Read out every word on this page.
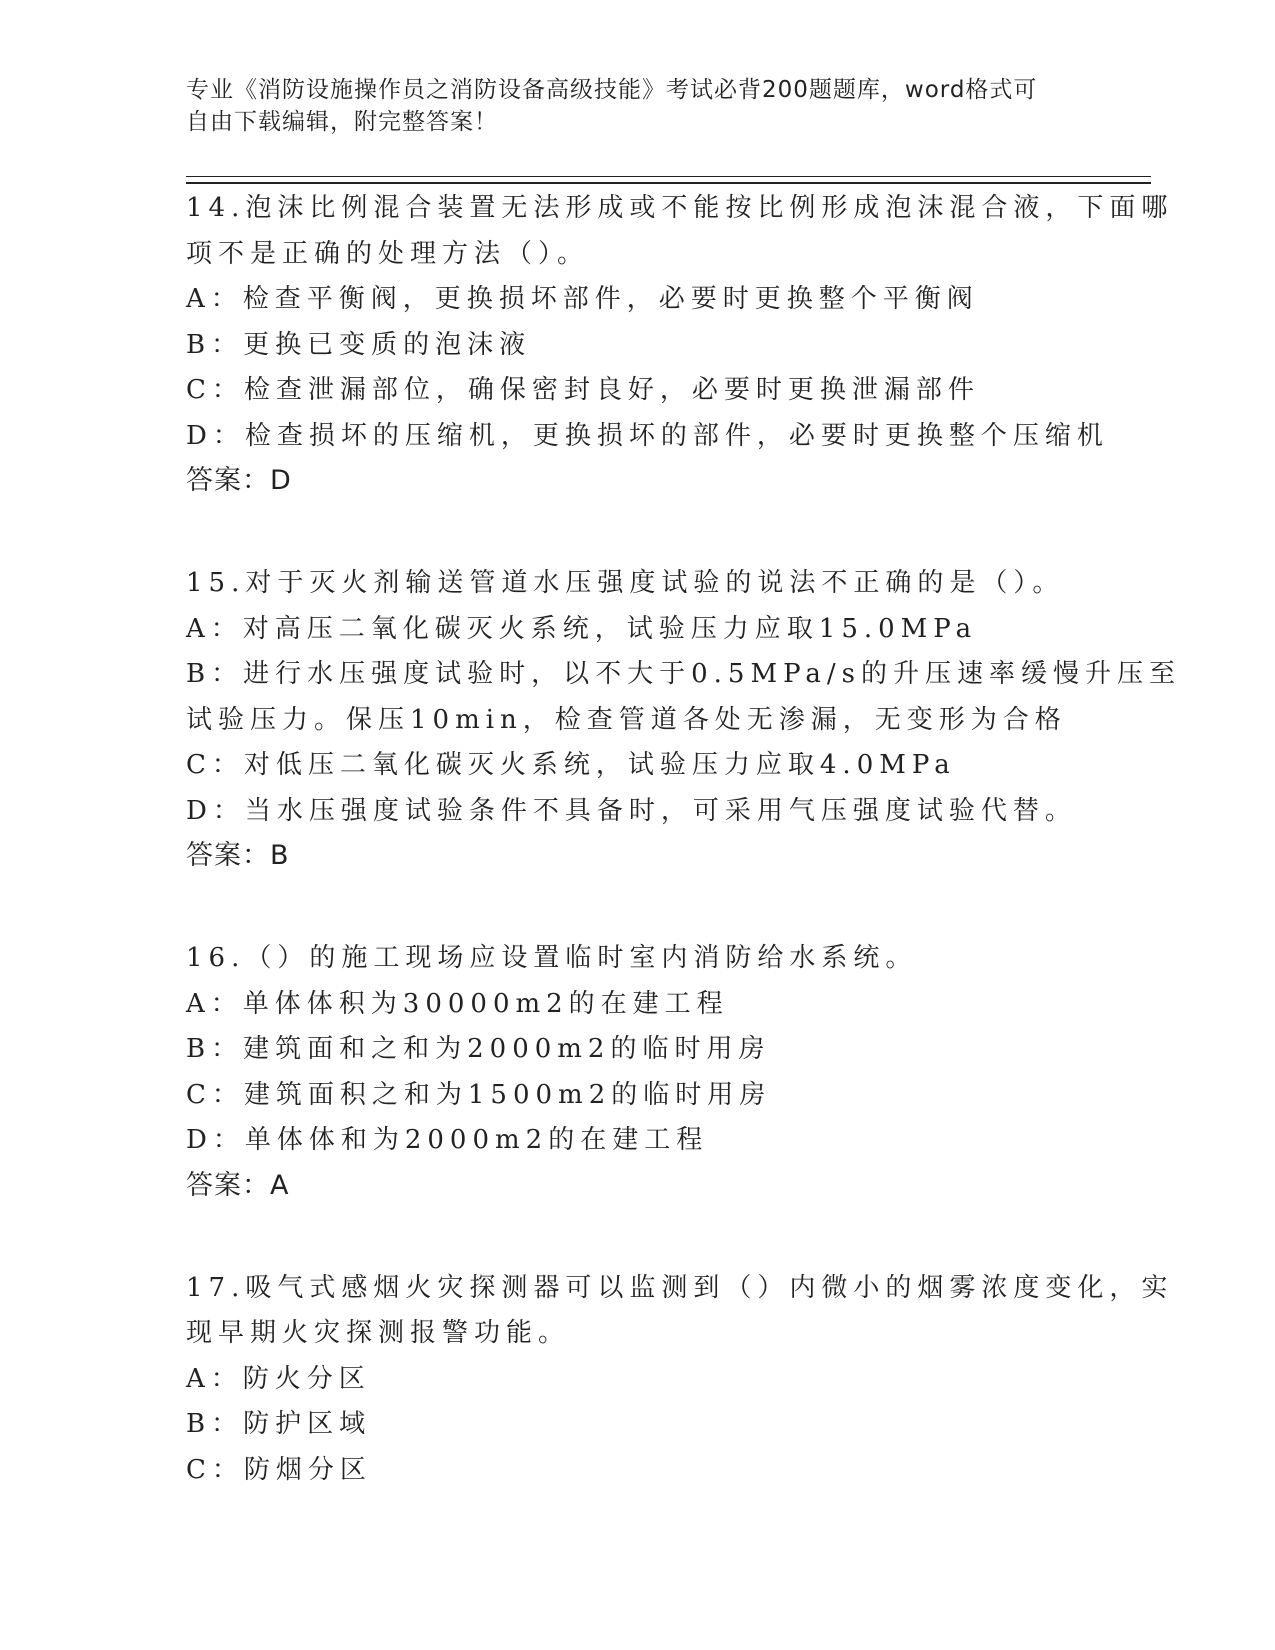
专业《消防设施操作员之消防设备高级技能》考试必背200题题库，word格式可
自由下载编辑，附完整答案！
14.泡沫比例混合装置无法形成或不能按比例形成泡沫混合液，下面哪
项不是正确的处理方法（）。
A：检查平衡阀，更换损坏部件，必要时更换整个平衡阀
B：更换已变质的泡沫液
C：检查泄漏部位，确保密封良好，必要时更换泄漏部件
D：检查损坏的压缩机，更换损坏的部件，必要时更换整个压缩机
答案：D
15.对于灭火剂输送管道水压强度试验的说法不正确的是（）。
A：对高压二氧化碳灭火系统，试验压力应取15.0MPa
B：进行水压强度试验时，以不大于0.5MPa/s的升压速率缓慢升压至
试验压力。保压10min，检查管道各处无渗漏，无变形为合格
C：对低压二氧化碳灭火系统，试验压力应取4.0MPa
D：当水压强度试验条件不具备时，可采用气压强度试验代替。
答案：B
16.（）的施工现场应设置临时室内消防给水系统。
A：单体体积为30000m2的在建工程
B：建筑面和之和为2000m2的临时用房
C：建筑面积之和为1500m2的临时用房
D：单体体和为2000m2的在建工程
答案：A
17.吸气式感烟火灾探测器可以监测到（）内微小的烟雾浓度变化，实
现早期火灾探测报警功能。
A：防火分区
B：防护区域
C：防烟分区
